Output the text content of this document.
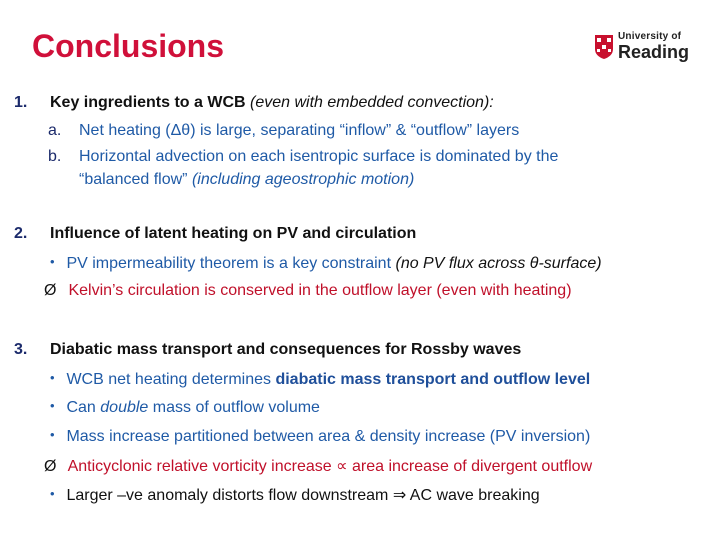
Conclusions	University of
Reading
1. Key ingredients to a WCB (even with embedded convection):
a. Net heating (Δθ) is large, separating “inflow” & “outflow” layers
b. Horizontal advection on each isentropic surface is dominated by the
“balanced flow” (including ageostrophic motion)
2. Influence of latent heating on PV and circulation
• PV impermeability theorem is a key constraint (no PV flux across θ-surface)
Ø Kelvin’s circulation is conserved in the outflow layer (even with heating)
3. Diabatic mass transport and consequences for Rossby waves
• WCB net heating determines diabatic mass transport and outflow level
• Can double mass of outflow volume
• Mass increase partitioned between area & density increase (PV inversion)
Ø Anticyclonic relative vorticity increase ∝ area increase of divergent outflow
• Larger –ve anomaly distorts flow downstream ⇒ AC wave breaking
